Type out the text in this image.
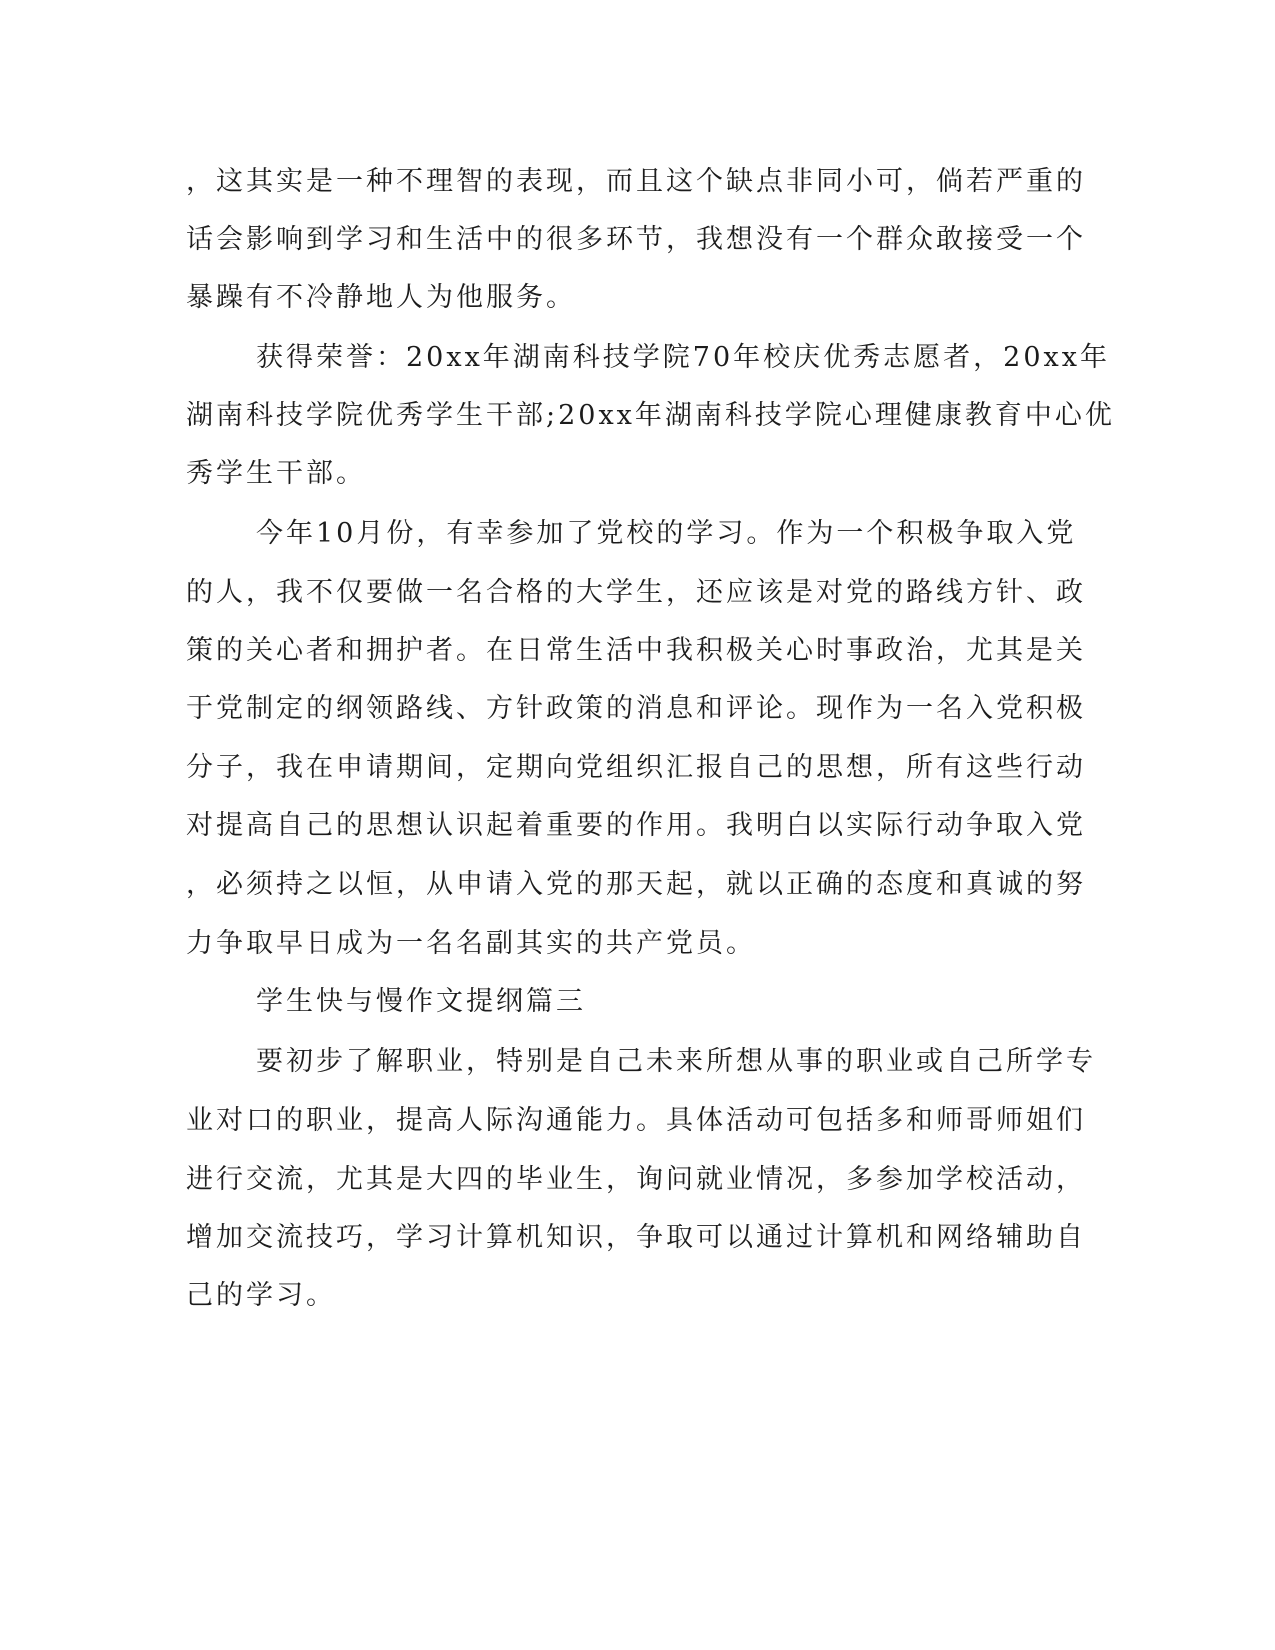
，这其实是一种不理智的表现，而且这个缺点非同小可，倘若严重的
话会影响到学习和生活中的很多环节，我想没有一个群众敢接受一个
暴躁有不冷静地人为他服务。
获得荣誉：20xx年湖南科技学院70年校庆优秀志愿者，20xx年
湖南科技学院优秀学生干部;20xx年湖南科技学院心理健康教育中心优
秀学生干部。
今年10月份，有幸参加了党校的学习。作为一个积极争取入党
的人，我不仅要做一名合格的大学生，还应该是对党的路线方针、政
策的关心者和拥护者。在日常生活中我积极关心时事政治，尤其是关
于党制定的纲领路线、方针政策的消息和评论。现作为一名入党积极
分子，我在申请期间，定期向党组织汇报自己的思想，所有这些行动
对提高自己的思想认识起着重要的作用。我明白以实际行动争取入党
，必须持之以恒，从申请入党的那天起，就以正确的态度和真诚的努
力争取早日成为一名名副其实的共产党员。
学生快与慢作文提纲篇三
要初步了解职业，特别是自己未来所想从事的职业或自己所学专
业对口的职业，提高人际沟通能力。具体活动可包括多和师哥师姐们
进行交流，尤其是大四的毕业生，询问就业情况，多参加学校活动，
增加交流技巧，学习计算机知识，争取可以通过计算机和网络辅助自
己的学习。
